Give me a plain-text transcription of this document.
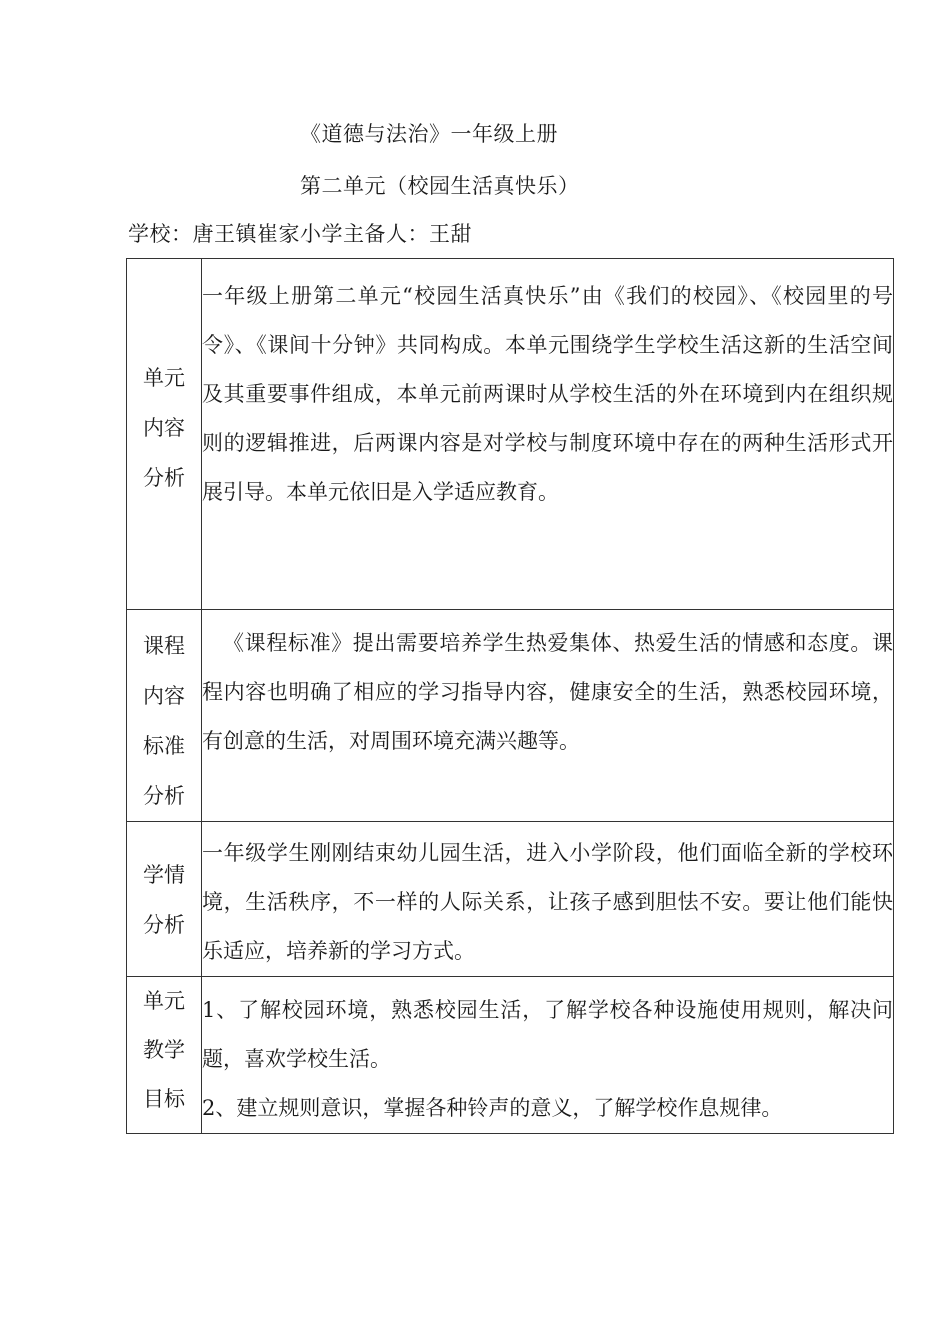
《道德与法治》一年级上册
第二单元（校园生活真快乐）
学校：唐王镇崔家小学主备人：王甜
单元内容分析	一年级上册第二单元“校园生活真快乐”由《我们的校园》、《校园里的号令》、《课间十分钟》共同构成。本单元围绕学生学校生活这新的生活空间及其重要事件组成，本单元前两课时从学校生活的外在环境到内在组织规则的逻辑推进，后两课内容是对学校与制度环境中存在的两种生活形式开展引导。本单元依旧是入学适应教育。

课程内容标准分析	《课程标准》提出需要培养学生热爱集体、热爱生活的情感和态度。课程内容也明确了相应的学习指导内容，健康安全的生活，熟悉校园环境，有创意的生活，对周围环境充满兴趣等。

学情分析	一年级学生刚刚结束幼儿园生活，进入小学阶段，他们面临全新的学校环境，生活秩序，不一样的人际关系，让孩子感到胆怯不安。要让他们能快乐适应，培养新的学习方式。

单元教学目标	1、了解校园环境，熟悉校园生活，了解学校各种设施使用规则，解决问题，喜欢学校生活。

2、建立规则意识，掌握各种铃声的意义，了解学校作息规律。
